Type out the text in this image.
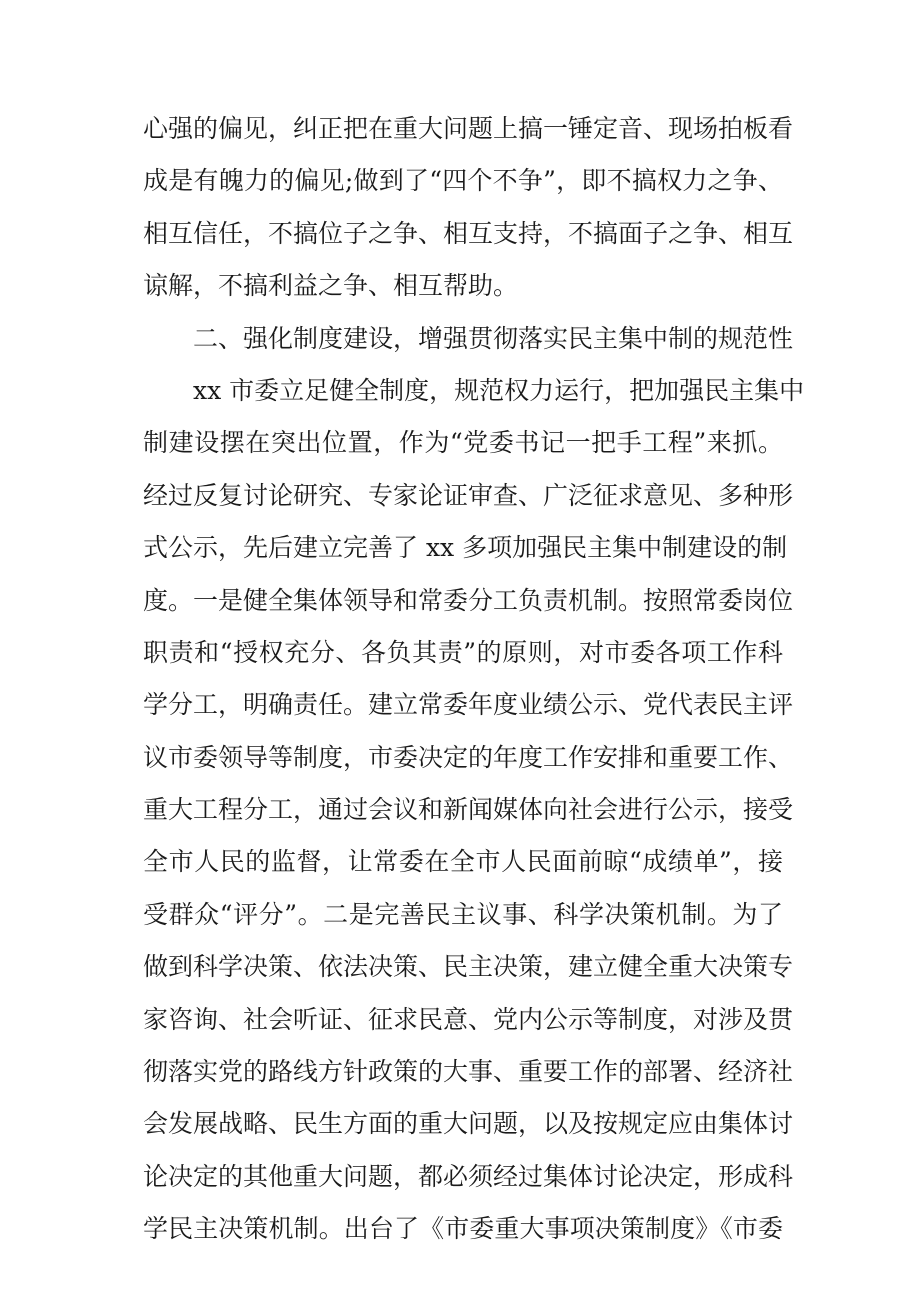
心强的偏见，纠正把在重大问题上搞一锤定音、现场拍板看
成是有魄力的偏见;做到了“四个不争”，即不搞权力之争、
相互信任，不搞位子之争、相互支持，不搞面子之争、相互
谅解，不搞利益之争、相互帮助。
二、强化制度建设，增强贯彻落实民主集中制的规范性
xx 市委立足健全制度，规范权力运行，把加强民主集中
制建设摆在突出位置，作为“党委书记一把手工程”来抓。
经过反复讨论研究、专家论证审查、广泛征求意见、多种形
式公示，先后建立完善了 xx 多项加强民主集中制建设的制
度。一是健全集体领导和常委分工负责机制。按照常委岗位
职责和“授权充分、各负其责”的原则，对市委各项工作科
学分工，明确责任。建立常委年度业绩公示、党代表民主评
议市委领导等制度，市委决定的年度工作安排和重要工作、
重大工程分工，通过会议和新闻媒体向社会进行公示，接受
全市人民的监督，让常委在全市人民面前晾“成绩单”，接
受群众“评分”。二是完善民主议事、科学决策机制。为了
做到科学决策、依法决策、民主决策，建立健全重大决策专
家咨询、社会听证、征求民意、党内公示等制度，对涉及贯
彻落实党的路线方针政策的大事、重要工作的部署、经济社
会发展战略、民生方面的重大问题，以及按规定应由集体讨
论决定的其他重大问题，都必须经过集体讨论决定，形成科
学民主决策机制。出台了《市委重大事项决策制度》《市委
